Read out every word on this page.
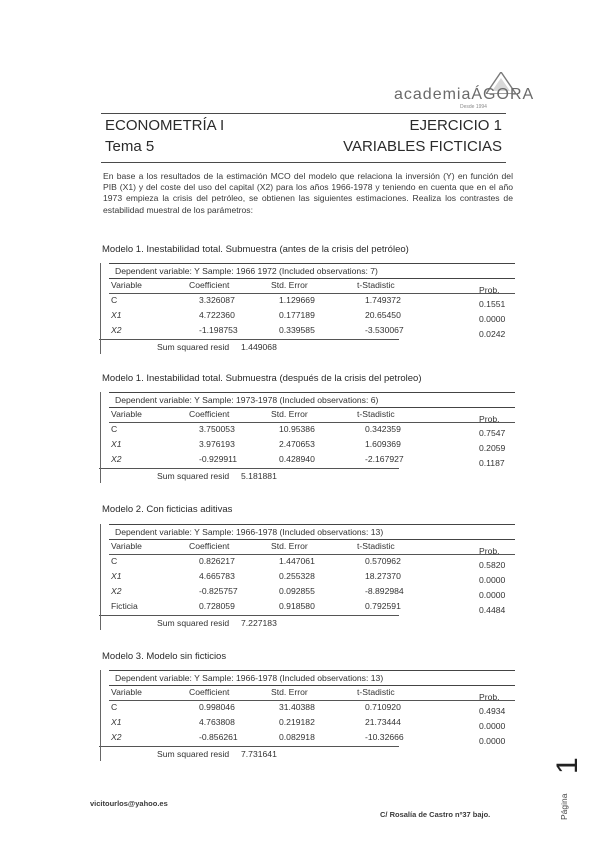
academiaÁGORA
Desde 1994
ECONOMETRÍA I
Tema 5
EJERCICIO 1
VARIABLES FICTICIAS
En base a los resultados de la estimación MCO del modelo que relaciona la inversión (Y) en función del PIB (X1) y del coste del uso del capital (X2) para los años 1966-1978 y teniendo en cuenta que en el año 1973 empieza la crisis del petróleo, se obtienen las siguientes estimaciones. Realiza los contrastes de estabilidad muestral de los parámetros:
Modelo 1. Inestabilidad total. Submuestra (antes de la crisis del petróleo)
Dependent variable: Y Sample: 1966 1972 (Included observations: 7)
Variable	Coefficient	Std. Error	t-Stadistic	Prob.
C	3.326087	1.129669	1.749372	0.1551
X1	4.722360	0.177189	20.65450	0.0000
X2	-1.198753	0.339585	-3.530067	0.0242
Sum squared resid 1.449068
Modelo 1. Inestabilidad total. Submuestra (después de la crisis del petroleo)
Dependent variable: Y Sample: 1973-1978 (Included observations: 6)
Variable	Coefficient	Std. Error	t-Stadistic	Prob.
C	3.750053	10.95386	0.342359	0.7547
X1	3.976193	2.470653	1.609369	0.2059
X2	-0.929911	0.428940	-2.167927	0.1187
Sum squared resid 5.181881
Modelo 2. Con ficticias aditivas
Dependent variable: Y Sample: 1966-1978 (Included observations: 13)
Variable	Coefficient	Std. Error	t-Stadistic	Prob.
C	0.826217	1.447061	0.570962	0.5820
X1	4.665783	0.255328	18.27370	0.0000
X2	-0.825757	0.092855	-8.892984	0.0000
Ficticia	0.728059	0.918580	0.792591	0.4484
Sum squared resid 7.227183
Modelo 3. Modelo sin ficticios
Dependent variable: Y Sample: 1966-1978 (Included observations: 13)
Variable	Coefficient	Std. Error	t-Stadistic	Prob.
C	0.998046	31.40388	0.710920	0.4934
X1	4.763808	0.219182	21.73444	0.0000
X2	-0.856261	0.082918	-10.32666	0.0000
Sum squared resid 7.731641
vicitourlos@yahoo.es
C/ Rosalía de Castro nº37 bajo.
1
Página
